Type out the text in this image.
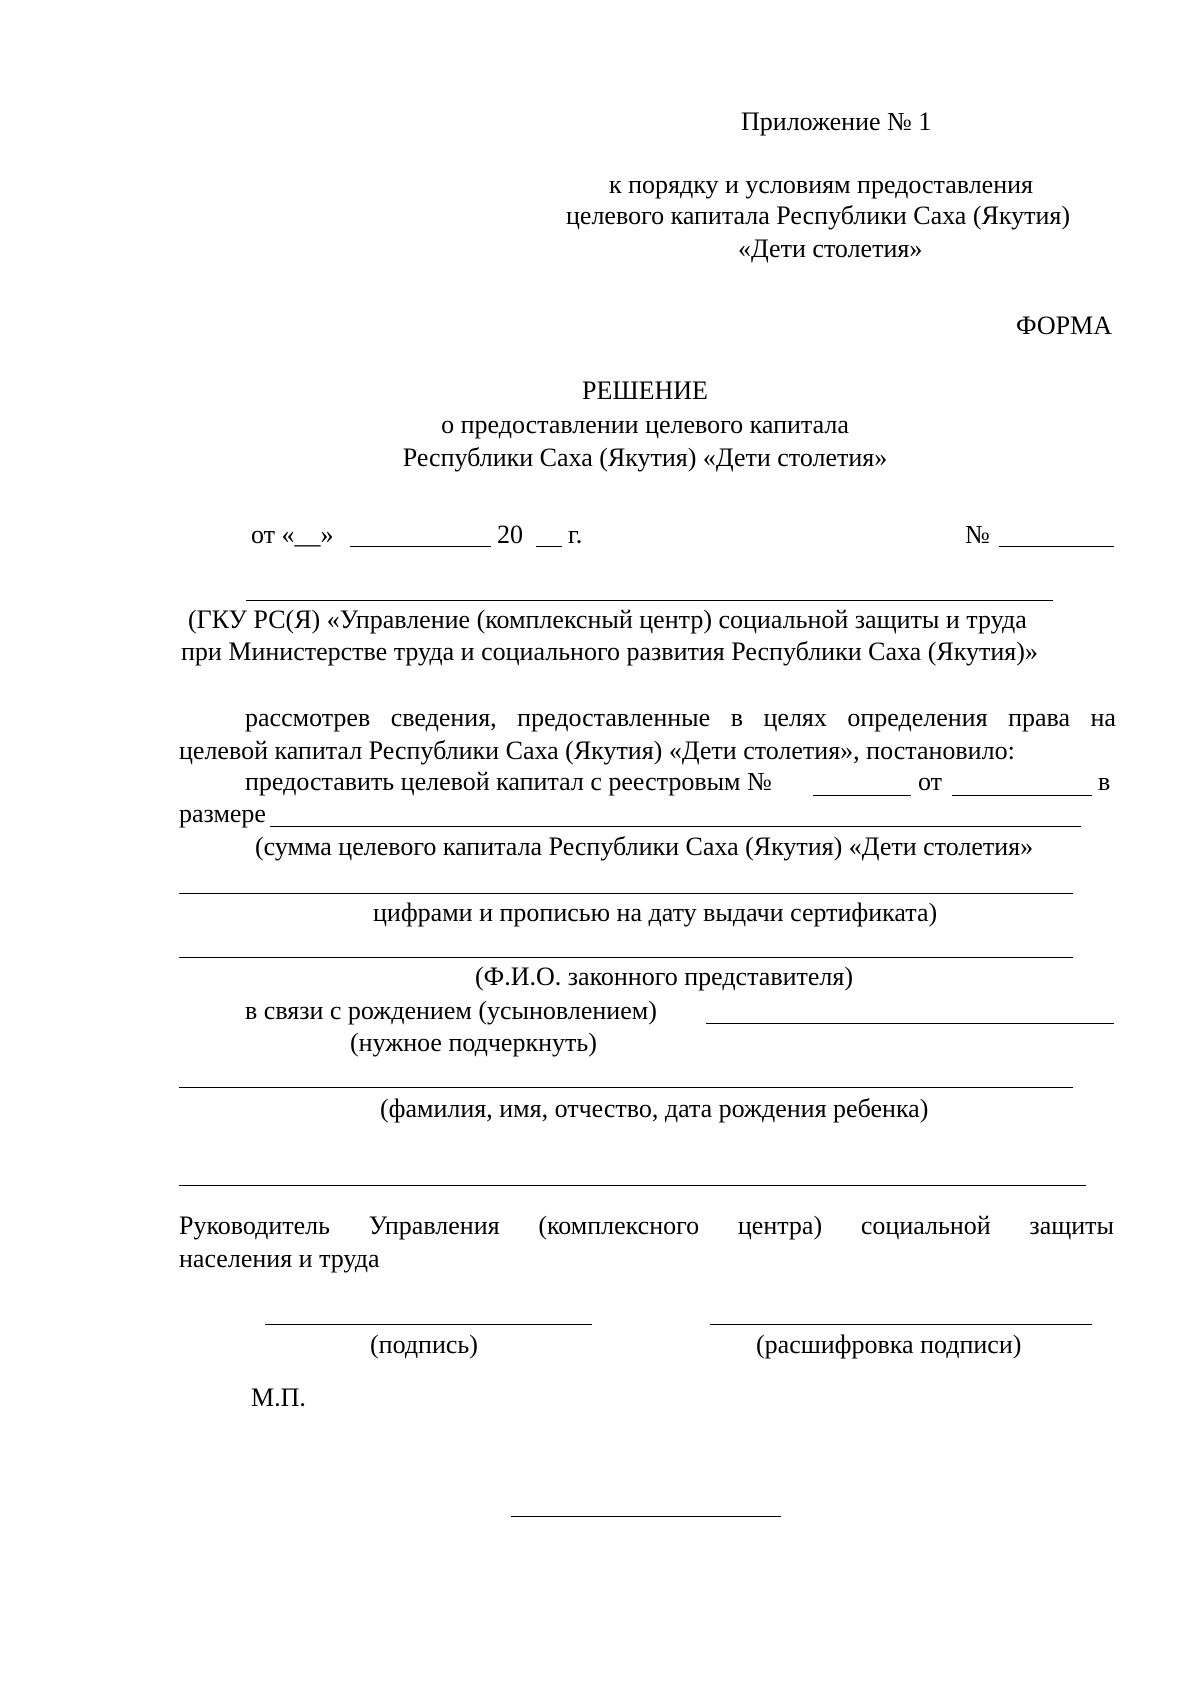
Приложение № 1
к порядку и условиям предоставления
целевого капитала Республики Саха (Якутия)
«Дети столетия»
ФОРМА
РЕШЕНИЕ
о предоставлении целевого капитала
Республики Саха (Якутия) «Дети столетия»
от «__»	20 г.	№
(ГКУ РС(Я) «Управление (комплексный центр) социальной защиты и труда
при Министерстве труда и социального развития Республики Саха (Якутия)»
рассмотрев сведения, предоставленные в целях определения права на
целевой капитал Республики Саха (Якутия) «Дети столетия», постановило:
предоставить целевой капитал с реестровым №	от	в
размере
(сумма целевого капитала Республики Саха (Якутия) «Дети столетия»
цифрами и прописью на дату выдачи сертификата)
(Ф.И.О. законного представителя)
в связи с рождением (усыновлением)
(нужное подчеркнуть)
(фамилия, имя, отчество, дата рождения ребенка)
Руководитель Управления (комплексного центра) социальной защиты
населения и труда
(подпись)	(расшифровка подписи)
М.П.
